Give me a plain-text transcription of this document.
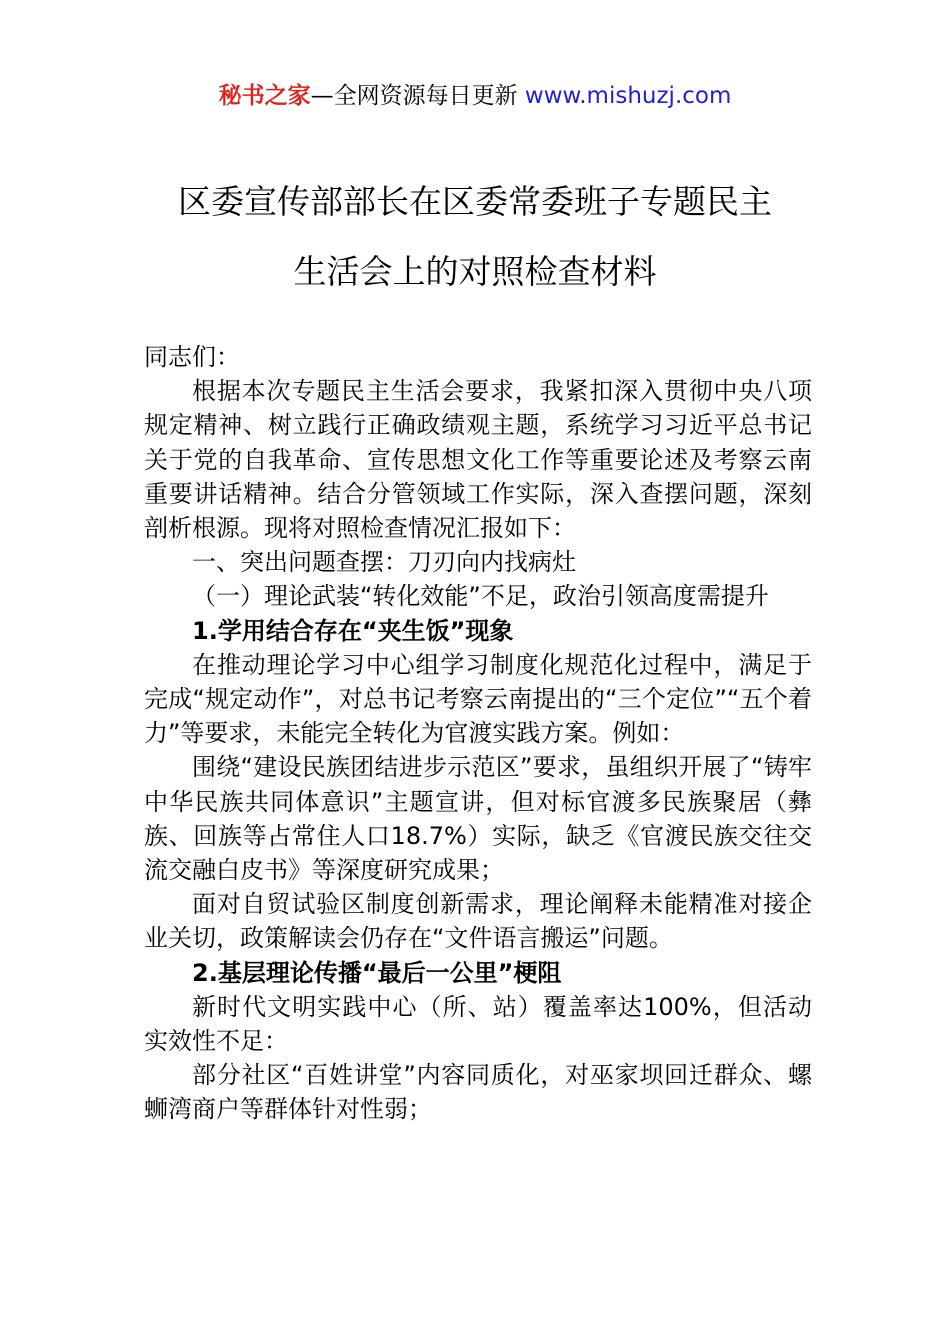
秘书之家—全网资源每日更新 www.mishuzj.com
区委宣传部部长在区委常委班子专题民主
生活会上的对照检查材料

同志们：

根据本次专题民主生活会要求，我紧扣深入贯彻中央八项规定精神、树立践行正确政绩观主题，系统学习习近平总书记关于党的自我革命、宣传思想文化工作等重要论述及考察云南重要讲话精神。结合分管领域工作实际，深入查摆问题，深刻剖析根源。现将对照检查情况汇报如下：

一、突出问题查摆：刀刃向内找病灶

（一）理论武装“转化效能”不足，政治引领高度需提升

1.学用结合存在“夹生饭”现象

在推动理论学习中心组学习制度化规范化过程中，满足于完成“规定动作”，对总书记考察云南提出的“三个定位”“五个着力”等要求，未能完全转化为官渡实践方案。例如：

围绕“建设民族团结进步示范区”要求，虽组织开展了“铸牢中华民族共同体意识”主题宣讲，但对标官渡多民族聚居（彝族、回族等占常住人口18.7%）实际，缺乏《官渡民族交往交流交融白皮书》等深度研究成果；

面对自贸试验区制度创新需求，理论阐释未能精准对接企业关切，政策解读会仍存在“文件语言搬运”问题。

2.基层理论传播“最后一公里”梗阻

新时代文明实践中心（所、站）覆盖率达100%，但活动实效性不足：

部分社区“百姓讲堂”内容同质化，对巫家坝回迁群众、螺蛳湾商户等群体针对性弱；
